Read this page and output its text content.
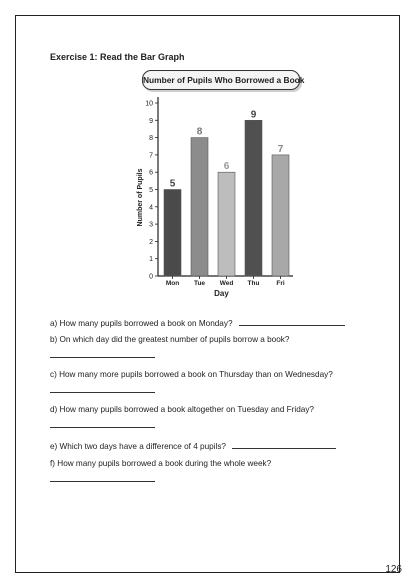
Exercise 1: Read the Bar Graph
Number of Pupils Who Borrowed a Book
0
1
2
3
4
5
6
7
8
9
10
5
Mon
8
Tue
6
Wed
9
Thu
7
Fri
Day
Number of Pupils
a) How many pupils borrowed a book on Monday?
b) On which day did the greatest number of pupils borrow a book?
c) How many more pupils borrowed a book on Thursday than on Wednesday?
d) How many pupils borrowed a book altogether on Tuesday and Friday?
e) Which two days have a difference of 4 pupils?
f) How many pupils borrowed a book during the whole week?
126
